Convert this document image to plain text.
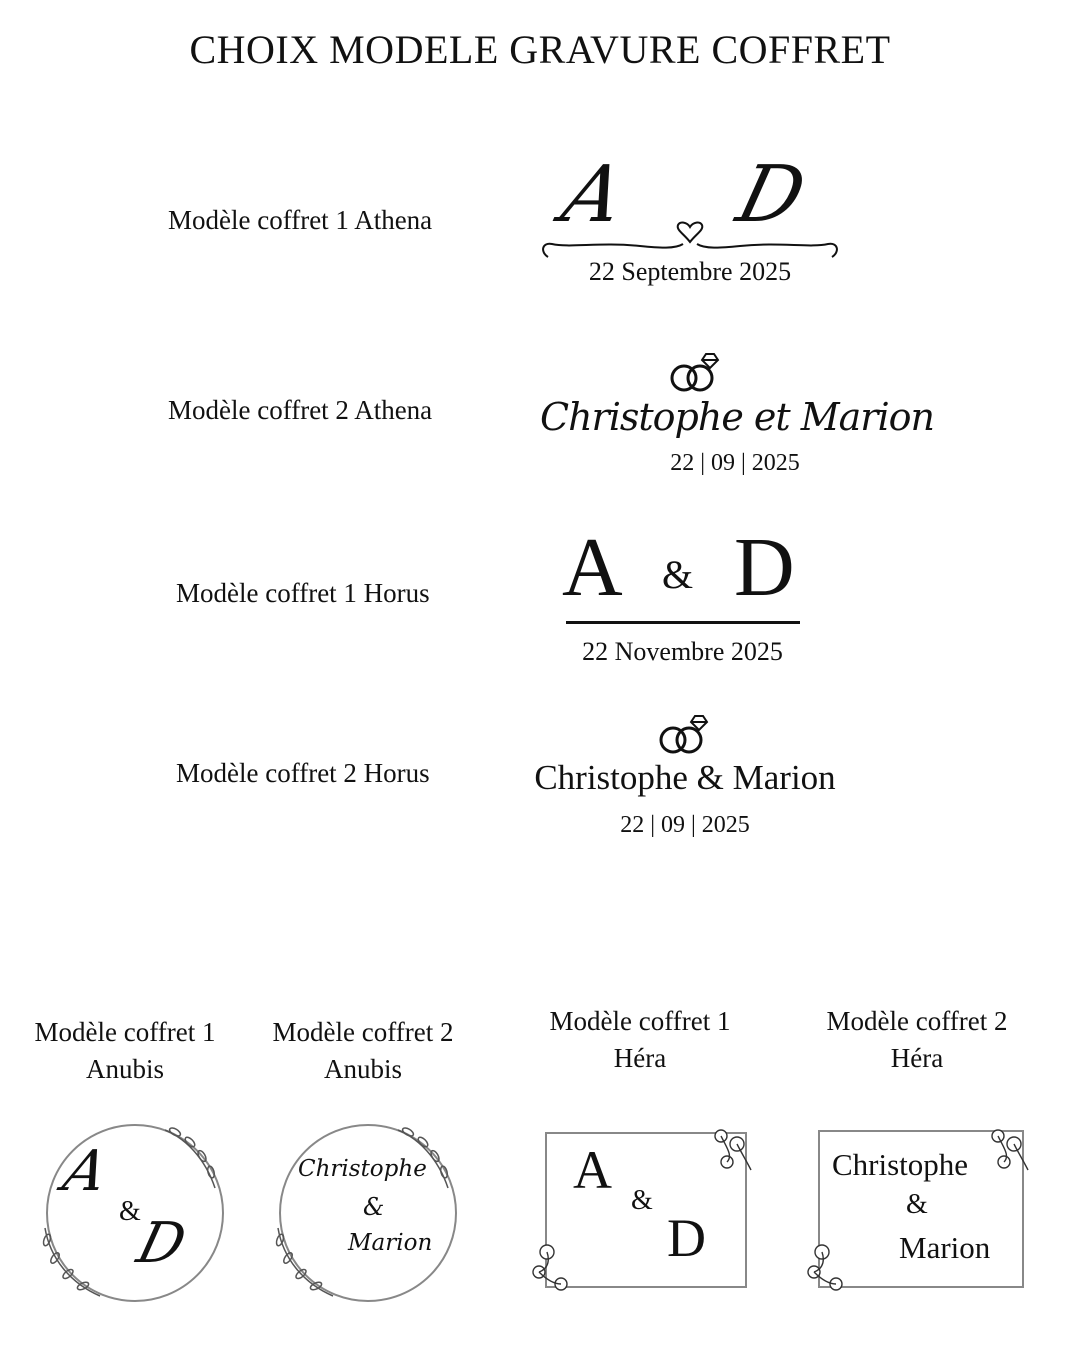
CHOIX MODELE GRAVURE COFFRET
Modèle coffret 1 Athena A D
22 Septembre 2025
Modèle coffret 2 Athena	Christophe et Marion
22 | 09 | 2025
Modèle coffret 1 Horus A & D
22 Novembre 2025
Modèle coffret 2 Horus	Christophe & Marion
22 | 09 | 2025
Modèle coffret 1
Anubis
Modèle coffret 2
Anubis
Modèle coffret 1
Héra
Modèle coffret 2
Héra
A
&
D
Christophe
&
Marion
A
&
D
Christophe
&
Marion
